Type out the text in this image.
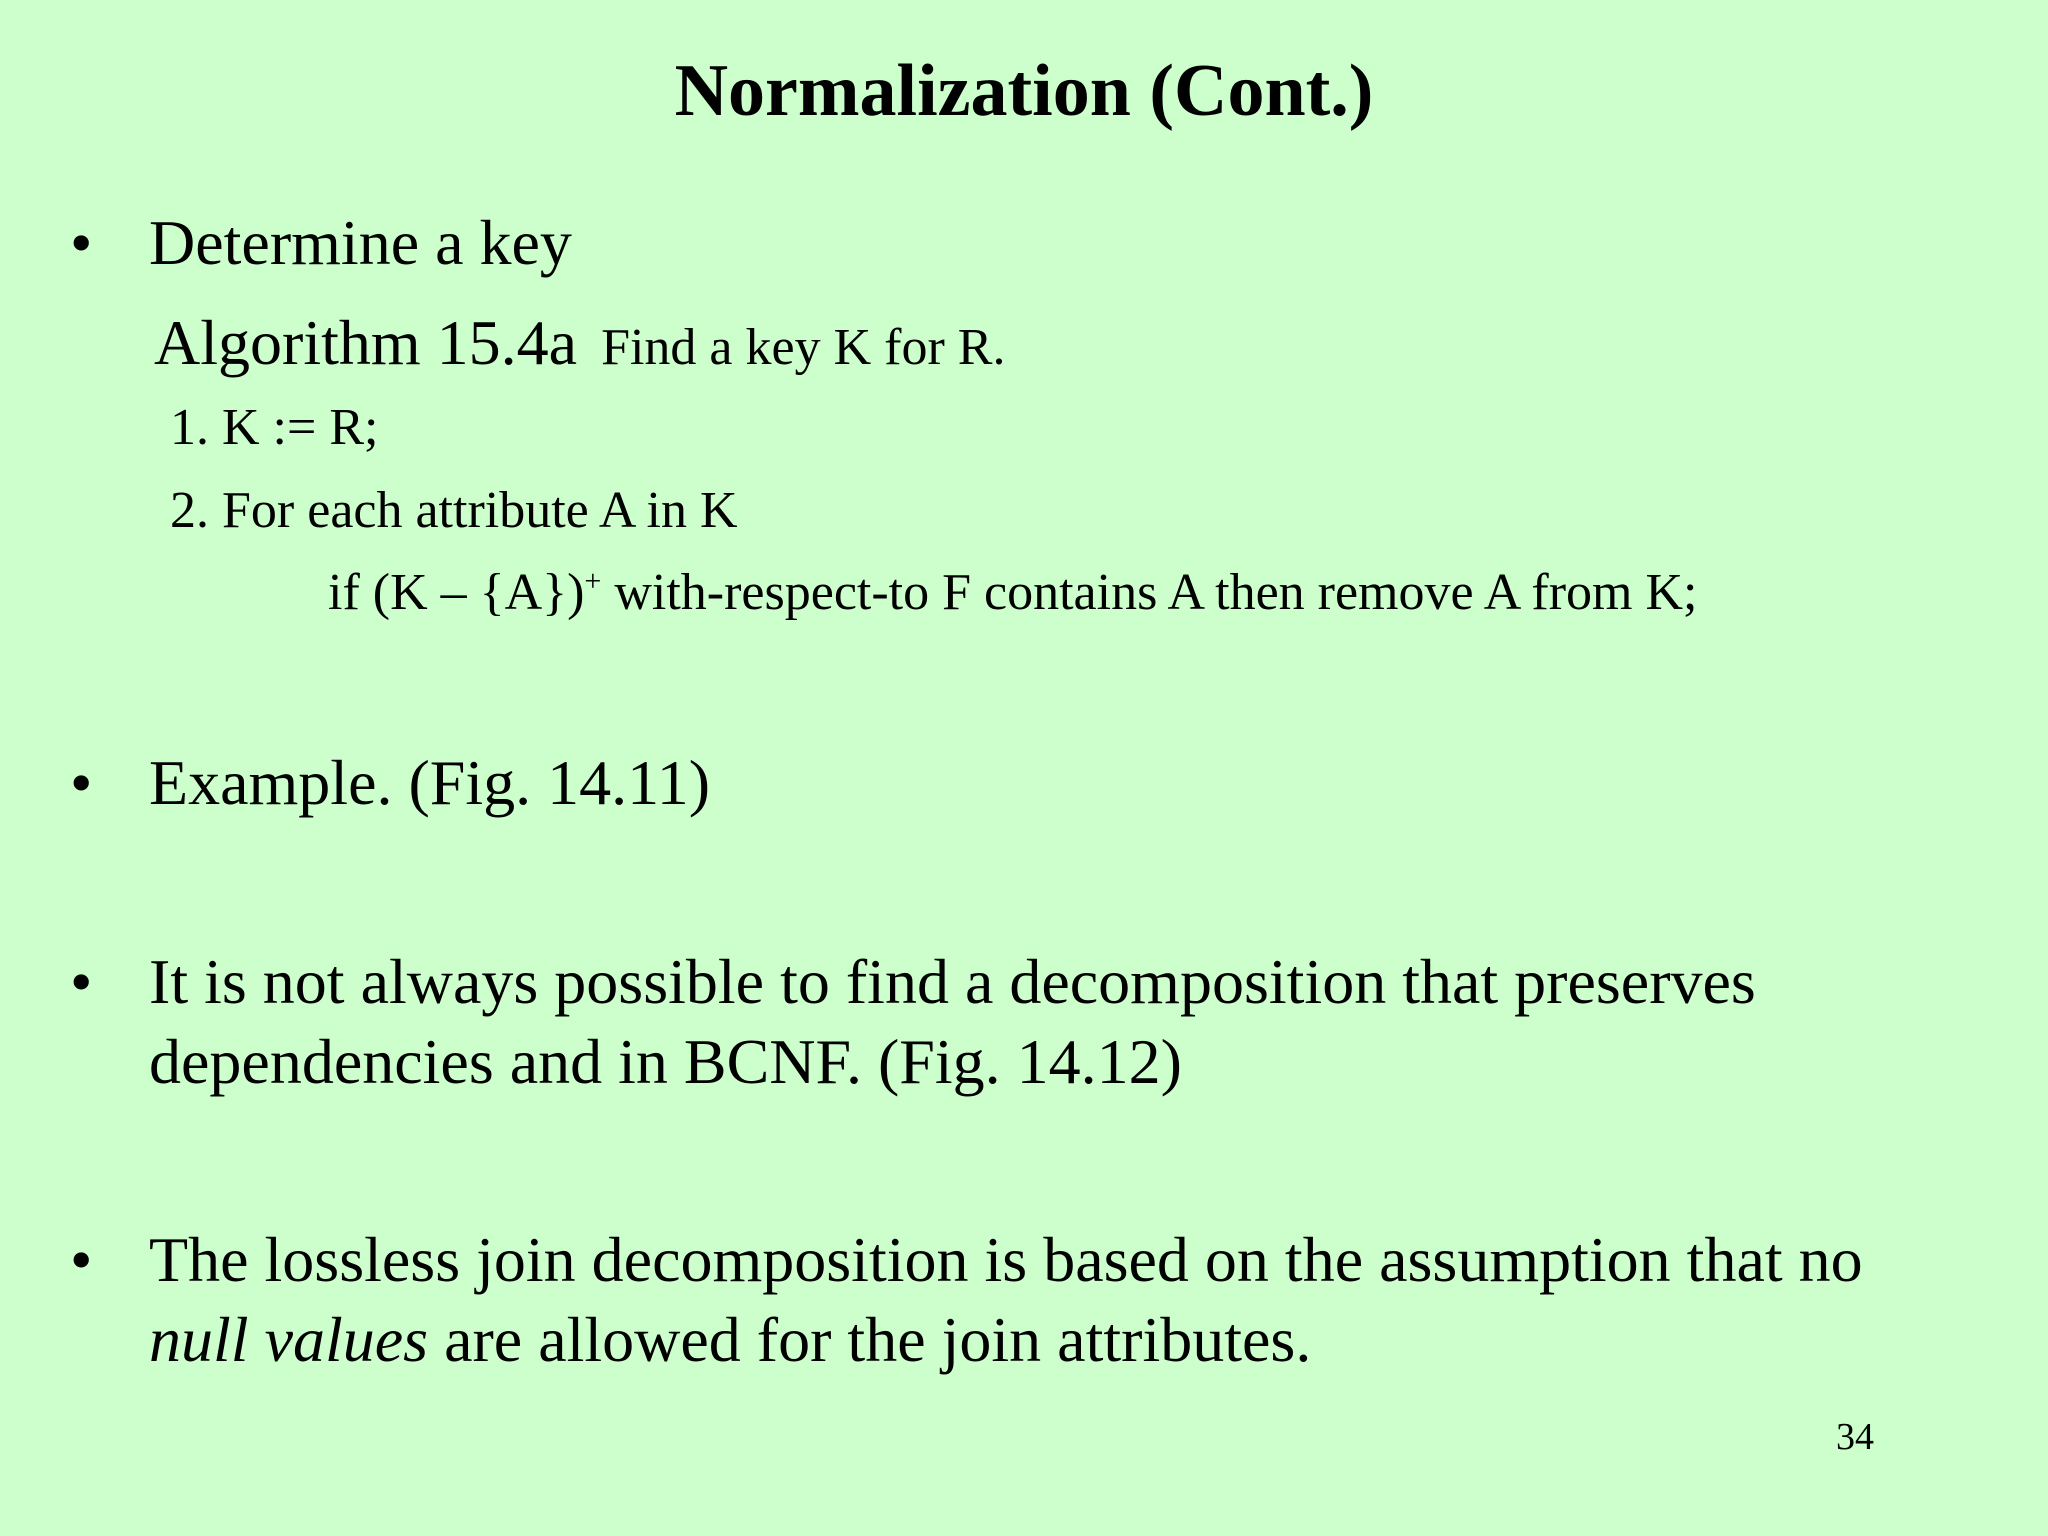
Normalization (Cont.)
• Determine a key
Algorithm 15.4a Find a key K for R.
1. K := R;
2. For each attribute A in K
if (K – {A})+ with-respect-to F contains A then remove A from K;
• Example. (Fig. 14.11)
• It is not always possible to find a decomposition that preserves
dependencies and in BCNF. (Fig. 14.12)
• The lossless join decomposition is based on the assumption that no
null values are allowed for the join attributes.
34
